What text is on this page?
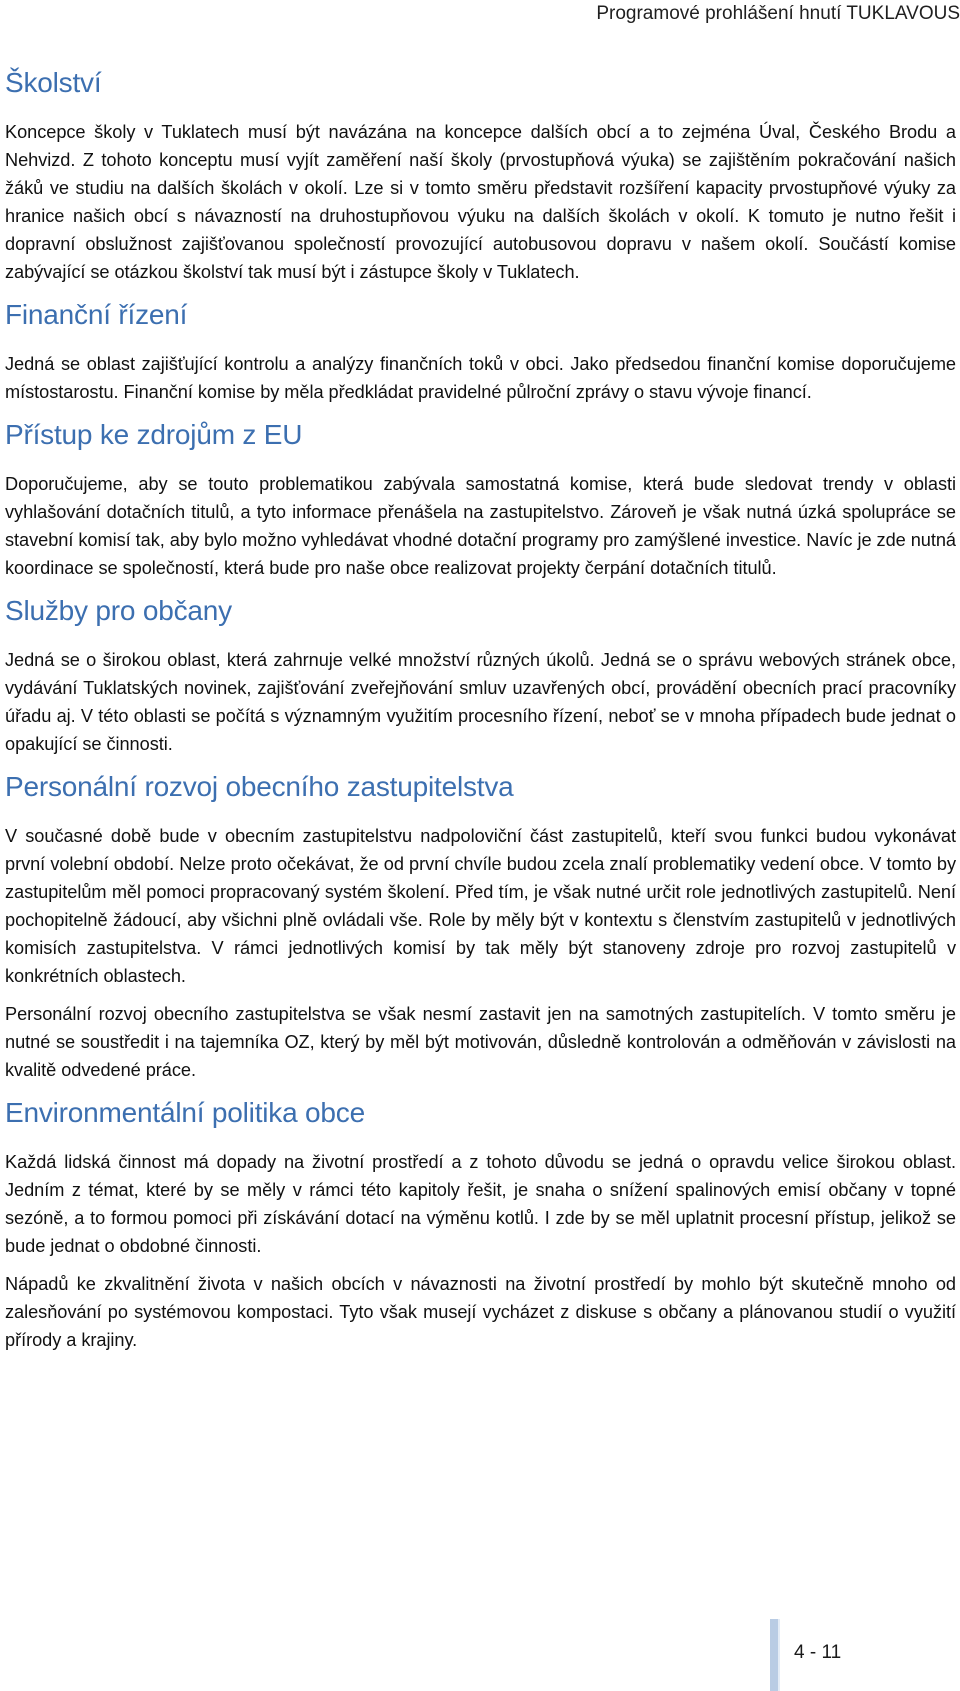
Programové prohlášení hnutí TUKLAVOUS
Školství

Koncepce školy v Tuklatech musí být navázána na koncepce dalších obcí a to zejména Úval, Českého Brodu a Nehvizd. Z tohoto konceptu musí vyjít zaměření naší školy (prvostupňová výuka) se zajištěním pokračování našich žáků ve studiu na dalších školách v okolí. Lze si v tomto směru představit rozšíření kapacity prvostupňové výuky za hranice našich obcí s návazností na druhostupňovou výuku na dalších školách v okolí. K tomuto je nutno řešit i dopravní obslužnost zajišťovanou společností provozující autobusovou dopravu v našem okolí. Součástí komise zabývající se otázkou školství tak musí být i zástupce školy v Tuklatech.

Finanční řízení

Jedná se oblast zajišťující kontrolu a analýzy finančních toků v obci. Jako předsedou finanční komise doporučujeme místostarostu. Finanční komise by měla předkládat pravidelné půlroční zprávy o stavu vývoje financí.

Přístup ke zdrojům z EU

Doporučujeme, aby se touto problematikou zabývala samostatná komise, která bude sledovat trendy v oblasti vyhlašování dotačních titulů, a tyto informace přenášela na zastupitelstvo. Zároveň je však nutná úzká spolupráce se stavební komisí tak, aby bylo možno vyhledávat vhodné dotační programy pro zamýšlené investice. Navíc je zde nutná koordinace se společností, která bude pro naše obce realizovat projekty čerpání dotačních titulů.

Služby pro občany

Jedná se o širokou oblast, která zahrnuje velké množství různých úkolů. Jedná se o správu webových stránek obce, vydávání Tuklatských novinek, zajišťování zveřejňování smluv uzavřených obcí, provádění obecních prací pracovníky úřadu aj. V této oblasti se počítá s významným využitím procesního řízení, neboť se v mnoha případech bude jednat o opakující se činnosti.

Personální rozvoj obecního zastupitelstva

V současné době bude v obecním zastupitelstvu nadpoloviční část zastupitelů, kteří svou funkci budou vykonávat první volební období. Nelze proto očekávat, že od první chvíle budou zcela znalí problematiky vedení obce. V tomto by zastupitelům měl pomoci propracovaný systém školení. Před tím, je však nutné určit role jednotlivých zastupitelů. Není pochopitelně žádoucí, aby všichni plně ovládali vše. Role by měly být v kontextu s členstvím zastupitelů v jednotlivých komisích zastupitelstva. V rámci jednotlivých komisí by tak měly být stanoveny zdroje pro rozvoj zastupitelů v konkrétních oblastech.

Personální rozvoj obecního zastupitelstva se však nesmí zastavit jen na samotných zastupitelích. V tomto směru je nutné se soustředit i na tajemníka OZ, který by měl být motivován, důsledně kontrolován a odměňován v závislosti na kvalitě odvedené práce.

Environmentální politika obce

Každá lidská činnost má dopady na životní prostředí a z tohoto důvodu se jedná o opravdu velice širokou oblast. Jedním z témat, které by se měly v rámci této kapitoly řešit, je snaha o snížení spalinových emisí občany v topné sezóně, a to formou pomoci při získávání dotací na výměnu kotlů. I zde by se měl uplatnit procesní přístup, jelikož se bude jednat o obdobné činnosti.

Nápadů ke zkvalitnění života v našich obcích v návaznosti na životní prostředí by mohlo být skutečně mnoho od zalesňování po systémovou kompostaci. Tyto však musejí vycházet z diskuse s občany a plánovanou studií o využití přírody a krajiny.

4 - 11
